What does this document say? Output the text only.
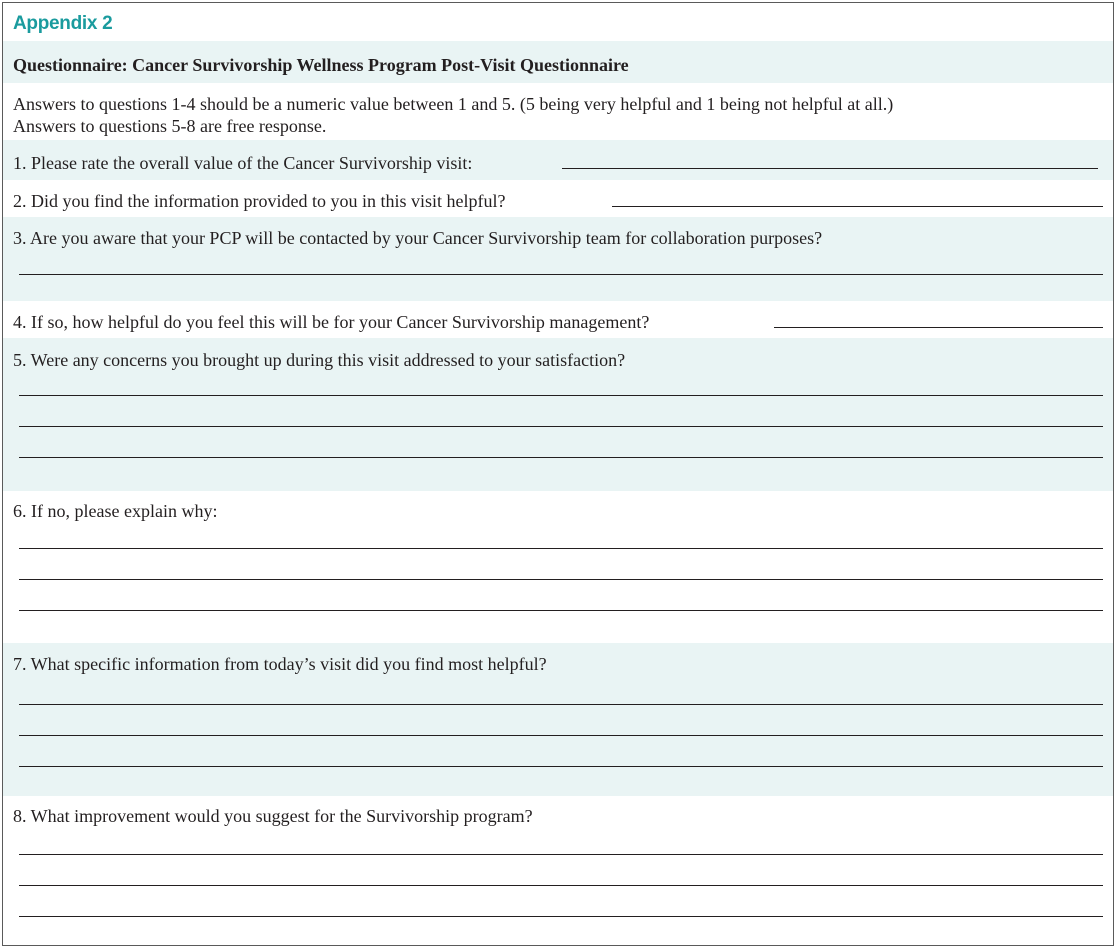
Appendix 2
Questionnaire: Cancer Survivorship Wellness Program Post-Visit Questionnaire
Answers to questions 1-4 should be a numeric value between 1 and 5. (5 being very helpful and 1 being not helpful at all.)
Answers to questions 5-8 are free response.
1. Please rate the overall value of the Cancer Survivorship visit:
2. Did you find the information provided to you in this visit helpful?
3. Are you aware that your PCP will be contacted by your Cancer Survivorship team for collaboration purposes?
4. If so, how helpful do you feel this will be for your Cancer Survivorship management?
5. Were any concerns you brought up during this visit addressed to your satisfaction?
6. If no, please explain why:
7. What specific information from today’s visit did you find most helpful?
8. What improvement would you suggest for the Survivorship program?
